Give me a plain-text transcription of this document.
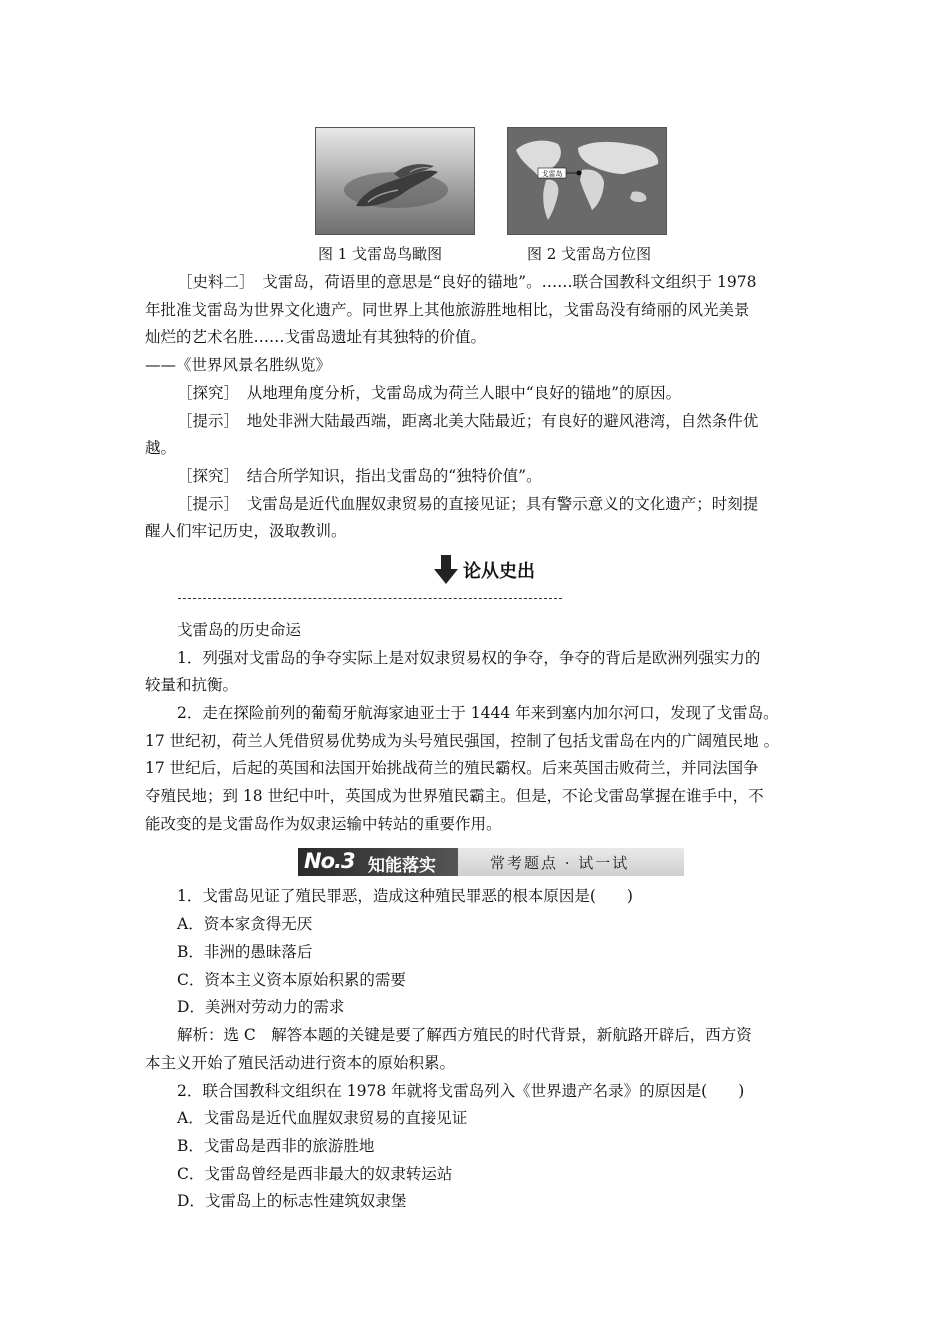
戈雷岛
图 1 戈雷岛鸟瞰图	图 2 戈雷岛方位图
［史料二］　戈雷岛，荷语里的意思是“良好的锚地”。……联合国教科文组织于 1978
年批准戈雷岛为世界文化遗产。同世界上其他旅游胜地相比，戈雷岛没有绮丽的风光美景
灿烂的艺术名胜……戈雷岛遗址有其独特的价值。
——《世界风景名胜纵览》
［探究］　从地理角度分析，戈雷岛成为荷兰人眼中“良好的锚地”的原因。
［提示］　地处非洲大陆最西端，距离北美大陆最近；有良好的避风港湾，自然条件优
越。
［探究］　结合所学知识，指出戈雷岛的“独特价值”。
［提示］　戈雷岛是近代血腥奴隶贸易的直接见证；具有警示意义的文化遗产；时刻提
醒人们牢记历史，汲取教训。
论从史出
戈雷岛的历史命运
1．列强对戈雷岛的争夺实际上是对奴隶贸易权的争夺，争夺的背后是欧洲列强实力的
较量和抗衡。
2．走在探险前列的葡萄牙航海家迪亚士于 1444 年来到塞内加尔河口，发现了戈雷岛。
17 世纪初，荷兰人凭借贸易优势成为头号殖民强国，控制了包括戈雷岛在内的广阔殖民地 。
17 世纪后，后起的英国和法国开始挑战荷兰的殖民霸权。后来英国击败荷兰，并同法国争
夺殖民地；到 18 世纪中叶，英国成为世界殖民霸主。但是，不论戈雷岛掌握在谁手中，不
能改变的是戈雷岛作为奴隶运输中转站的重要作用。
No.3 知能落实	常考题点 · 试一试
1．戈雷岛见证了殖民罪恶，造成这种殖民罪恶的根本原因是(　　)
A．资本家贪得无厌
B．非洲的愚昧落后
C．资本主义资本原始积累的需要
D．美洲对劳动力的需求
解析：选 C　解答本题的关键是要了解西方殖民的时代背景，新航路开辟后，西方资
本主义开始了殖民活动进行资本的原始积累。
2．联合国教科文组织在 1978 年就将戈雷岛列入《世界遗产名录》的原因是(　　)
A．戈雷岛是近代血腥奴隶贸易的直接见证
B．戈雷岛是西非的旅游胜地
C．戈雷岛曾经是西非最大的奴隶转运站
D．戈雷岛上的标志性建筑奴隶堡
